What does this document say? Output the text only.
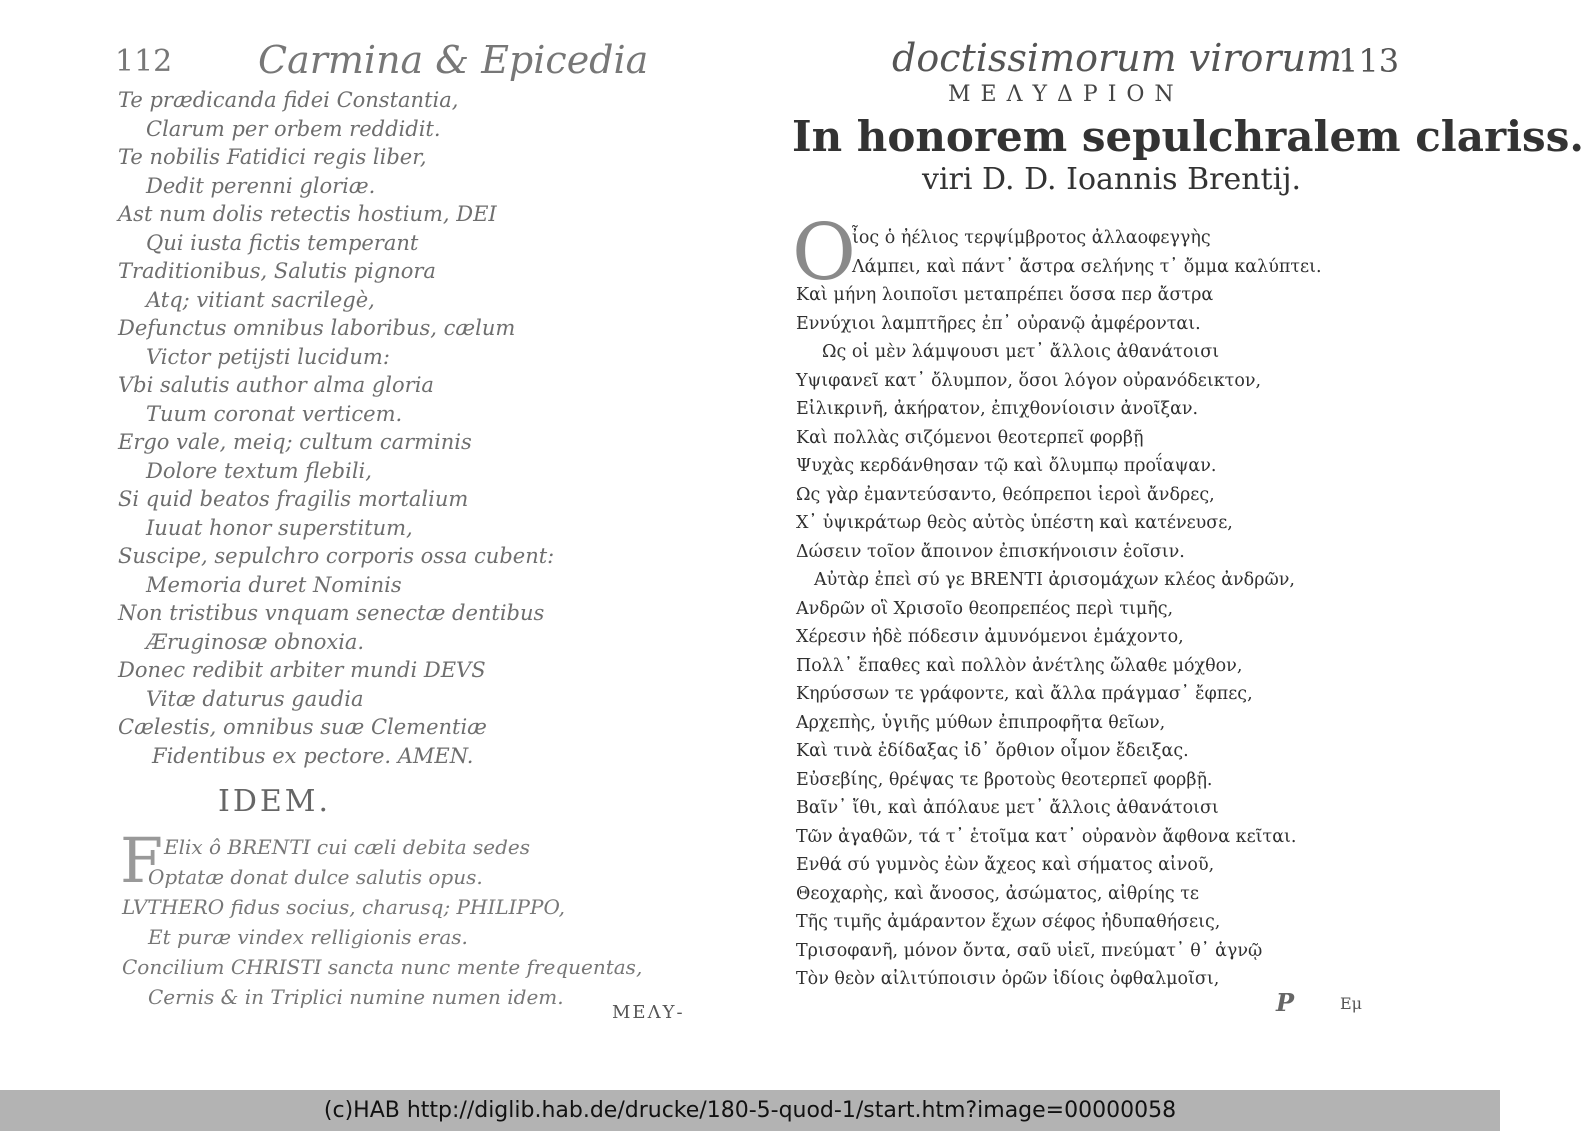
112 Carmina & Epicedia
Te prædicanda fidei Constantia,
Clarum per orbem reddidit.
Te nobilis Fatidici regis liber,
Dedit perenni gloriæ.
Ast num dolis retectis hostium, DEI
Qui iusta fictis temperant
Traditionibus, Salutis pignora
Atq; vitiant sacrilegè,
Defunctus omnibus laboribus, cælum
Victor petijsti lucidum:
Vbi salutis author alma gloria
Tuum coronat verticem.
Ergo vale, meiq; cultum carminis
Dolore textum flebili,
Si quid beatos fragilis mortalium
Iuuat honor superstitum,
Suscipe, sepulchro corporis ossa cubent:
Memoria duret Nominis
Non tristibus vnquam senectæ dentibus
Æruginosæ obnoxia.
Donec redibit arbiter mundi DEVS
Vitæ daturus gaudia
Cælestis, omnibus suæ Clementiæ
Fidentibus ex pectore. AMEN.
IDEM.
F Elix ô BRENTI cui cæli debita sedes
Optatæ donat dulce salutis opus.
LVTHERO fidus socius, charusq; PHILIPPO,
Et puræ vindex relligionis eras.
Concilium CHRISTI sancta nunc mente frequentas,
Cernis & in Triplici numine numen idem.
ΜΕΛΥ-
doctissimorum virorum.
113
ΜΕΛΥΔΡΙΟΝ
In honorem sepulchralem clariss.
viri D. D. Ioannis Brentij.
O
ἶος ὁ ἠέλιος τερψίμβροτος ἀλλαοφεγγὴς
Λάμπει, καὶ πάντ᾽ ἄστρα σελήνης τ᾽ ὄμμα καλύπτει.
Καὶ μήνη λοιποῖσι μεταπρέπει ὅσσα περ ἄστρα
Εννύχιοι λαμπτῆρες ἐπ᾽ οὐρανῷ ἀμφέρονται.
Ως οἱ μὲν λάμψουσι μετ᾽ ἄλλοις ἀθανάτοισι
Υψιφανεῖ κατ᾽ ὄλυμπον, ὅσοι λόγον οὐρανόδεικτον,
Εἰλικρινῆ, ἀκήρατον, ἐπιχθονίοισιν ἀνοῖξαν.
Καὶ πολλὰς σιζόμενοι θεοτερπεῖ φορβῇ
Ψυχὰς κερδάνθησαν τῷ καὶ ὄλυμπῳ προΐαψαν.
Ως γὰρ ἐμαντεύσαντο, θεόπρεποι ἱεροὶ ἄνδρες,
Χ᾽ ὑψικράτωρ θεὸς αὐτὸς ὑπέστη καὶ κατένευσε,
Δώσειν τοῖον ἄποινον ἐπισκήνοισιν ἑοῖσιν.
Αὐτὰρ ἐπεὶ σύ γε BRENTI ἀρισομάχων κλέος ἀνδρῶν,
Ανδρῶν οἳ Χρισοῖο θεοπρεπέος περὶ τιμῆς,
Χέρεσιν ἠδὲ πόδεσιν ἀμυνόμενοι ἐμάχοντο,
Πολλ᾽ ἔπαθες καὶ πολλὸν ἀνέτλης ὤλαθε μόχθον,
Κηρύσσων τε γράφοντε, καὶ ἄλλα πράγμασ᾽ ἔφπες,
Αρχεπὴς, ὑγιῆς μύθων ἐπιπροφῆτα θεῖων,
Καὶ τινὰ ἐδίδαξας ἰδ᾽ ὄρθιον οἶμον ἔδειξας.
Εὐσεβίης, θρέψας τε βροτοὺς θεοτερπεῖ φορβῇ.
Βαῖν᾽ ἴθι, καὶ ἀπόλαυε μετ᾽ ἄλλοις ἀθανάτοισι
Τῶν ἀγαθῶν, τά τ᾽ ἑτοῖμα κατ᾽ οὐρανὸν ἄφθονα κεῖται.
Ενθά σύ γυμνὸς ἐὼν ἄχεος καὶ σήματος αἰνοῦ,
Θεοχαρὴς, καὶ ἄνοσος, ἀσώματος, αἰθρίης τε
Τῆς τιμῆς ἀμάραντον ἔχων σέφος ἠδυπαθήσεις,
Τρισοφανῆ, μόνον ὄντα, σαῦ υἱεῖ, πνεύματ᾽ θ᾽ ἁγνῷ
Τὸν θεὸν αἰλιτύποισιν ὁρῶν ἰδίοις ὀφθαλμοῖσι,
P	Εμ
(c)HAB http://diglib.hab.de/drucke/180-5-quod-1/start.htm?image=00000058
